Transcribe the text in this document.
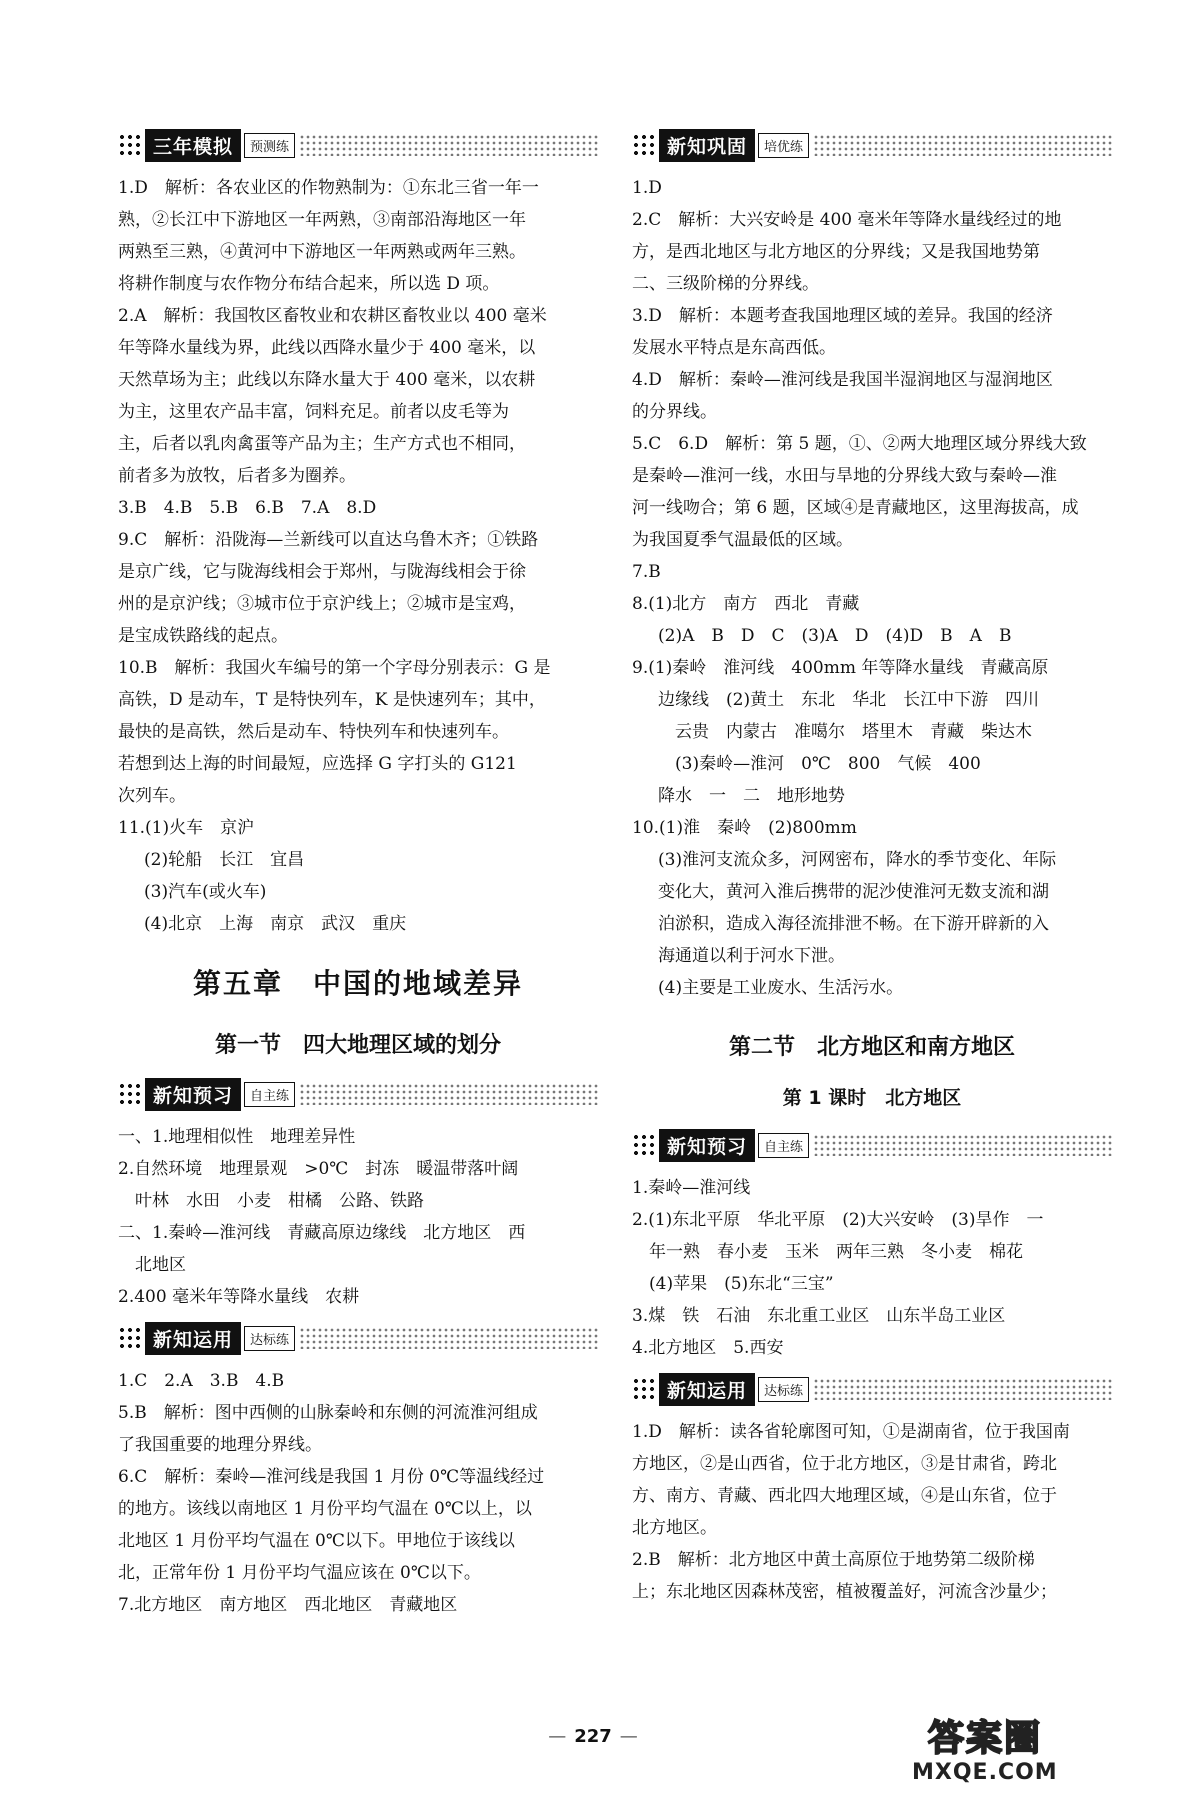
三年模拟	预测练

1.D　解析：各农业区的作物熟制为：①东北三省一年一

熟，②长江中下游地区一年两熟，③南部沿海地区一年

两熟至三熟，④黄河中下游地区一年两熟或两年三熟。

将耕作制度与农作物分布结合起来，所以选 D 项。

2.A　解析：我国牧区畜牧业和农耕区畜牧业以 400 毫米

年等降水量线为界，此线以西降水量少于 400 毫米，以

天然草场为主；此线以东降水量大于 400 毫米，以农耕

为主，这里农产品丰富，饲料充足。前者以皮毛等为

主，后者以乳肉禽蛋等产品为主；生产方式也不相同，

前者多为放牧，后者多为圈养。

3.B　4.B　5.B　6.B　7.A　8.D

9.C　解析：沿陇海—兰新线可以直达乌鲁木齐；①铁路

是京广线，它与陇海线相会于郑州，与陇海线相会于徐

州的是京沪线；③城市位于京沪线上；②城市是宝鸡，

是宝成铁路线的起点。

10.B　解析：我国火车编号的第一个字母分别表示：G 是

高铁，D 是动车，T 是特快列车，K 是快速列车；其中，

最快的是高铁，然后是动车、特快列车和快速列车。

若想到达上海的时间最短，应选择 G 字打头的 G121

次列车。

11.(1)火车　京沪

(2)轮船　长江　宜昌

(3)汽车(或火车)

(4)北京　上海　南京　武汉　重庆

第五章　中国的地域差异
第一节　四大地理区域的划分
新知预习	自主练

一、1.地理相似性　地理差异性

2.自然环境　地理景观　>0℃　封冻　暖温带落叶阔

　叶林　水田　小麦　柑橘　公路、铁路

二、1.秦岭—淮河线　青藏高原边缘线　北方地区　西

　北地区

2.400 毫米年等降水量线　农耕

新知运用	达标练

1.C　2.A　3.B　4.B

5.B　解析：图中西侧的山脉秦岭和东侧的河流淮河组成

了我国重要的地理分界线。

6.C　解析：秦岭—淮河线是我国 1 月份 0℃等温线经过

的地方。该线以南地区 1 月份平均气温在 0℃以上，以

北地区 1 月份平均气温在 0℃以下。甲地位于该线以

北，正常年份 1 月份平均气温应该在 0℃以下。

7.北方地区　南方地区　西北地区　青藏地区

新知巩固	培优练

1.D

2.C　解析：大兴安岭是 400 毫米年等降水量线经过的地

方，是西北地区与北方地区的分界线；又是我国地势第

二、三级阶梯的分界线。

3.D　解析：本题考查我国地理区域的差异。我国的经济

发展水平特点是东高西低。

4.D　解析：秦岭—淮河线是我国半湿润地区与湿润地区

的分界线。

5.C　6.D　解析：第 5 题，①、②两大地理区域分界线大致

是秦岭—淮河一线，水田与旱地的分界线大致与秦岭—淮

河一线吻合；第 6 题，区域④是青藏地区，这里海拔高，成

为我国夏季气温最低的区域。

7.B

8.(1)北方　南方　西北　青藏

(2)A　B　D　C　(3)A　D　(4)D　B　A　B

9.(1)秦岭　淮河线　400mm 年等降水量线　青藏高原

边缘线　(2)黄土　东北　华北　长江中下游　四川

　云贵　内蒙古　准噶尔　塔里木　青藏　柴达木

　(3)秦岭—淮河　0℃　800　气候　400

降水　一　二　地形地势

10.(1)淮　秦岭　(2)800mm

(3)淮河支流众多，河网密布，降水的季节变化、年际

变化大，黄河入淮后携带的泥沙使淮河无数支流和湖

泊淤积，造成入海径流排泄不畅。在下游开辟新的入

海通道以利于河水下泄。

(4)主要是工业废水、生活污水。

第二节　北方地区和南方地区
第 1 课时　北方地区
新知预习	自主练

1.秦岭—淮河线

2.(1)东北平原　华北平原　(2)大兴安岭　(3)旱作　一

　年一熟　春小麦　玉米　两年三熟　冬小麦　棉花

　(4)苹果　(5)东北“三宝”

3.煤　铁　石油　东北重工业区　山东半岛工业区

4.北方地区　5.西安

新知运用	达标练

1.D　解析：读各省轮廓图可知，①是湖南省，位于我国南

方地区，②是山西省，位于北方地区，③是甘肃省，跨北

方、南方、青藏、西北四大地理区域，④是山东省，位于

北方地区。

2.B　解析：北方地区中黄土高原位于地势第二级阶梯

上；东北地区因森林茂密，植被覆盖好，河流含沙量少；

— 227 —	答案圈
MXQE.COM
